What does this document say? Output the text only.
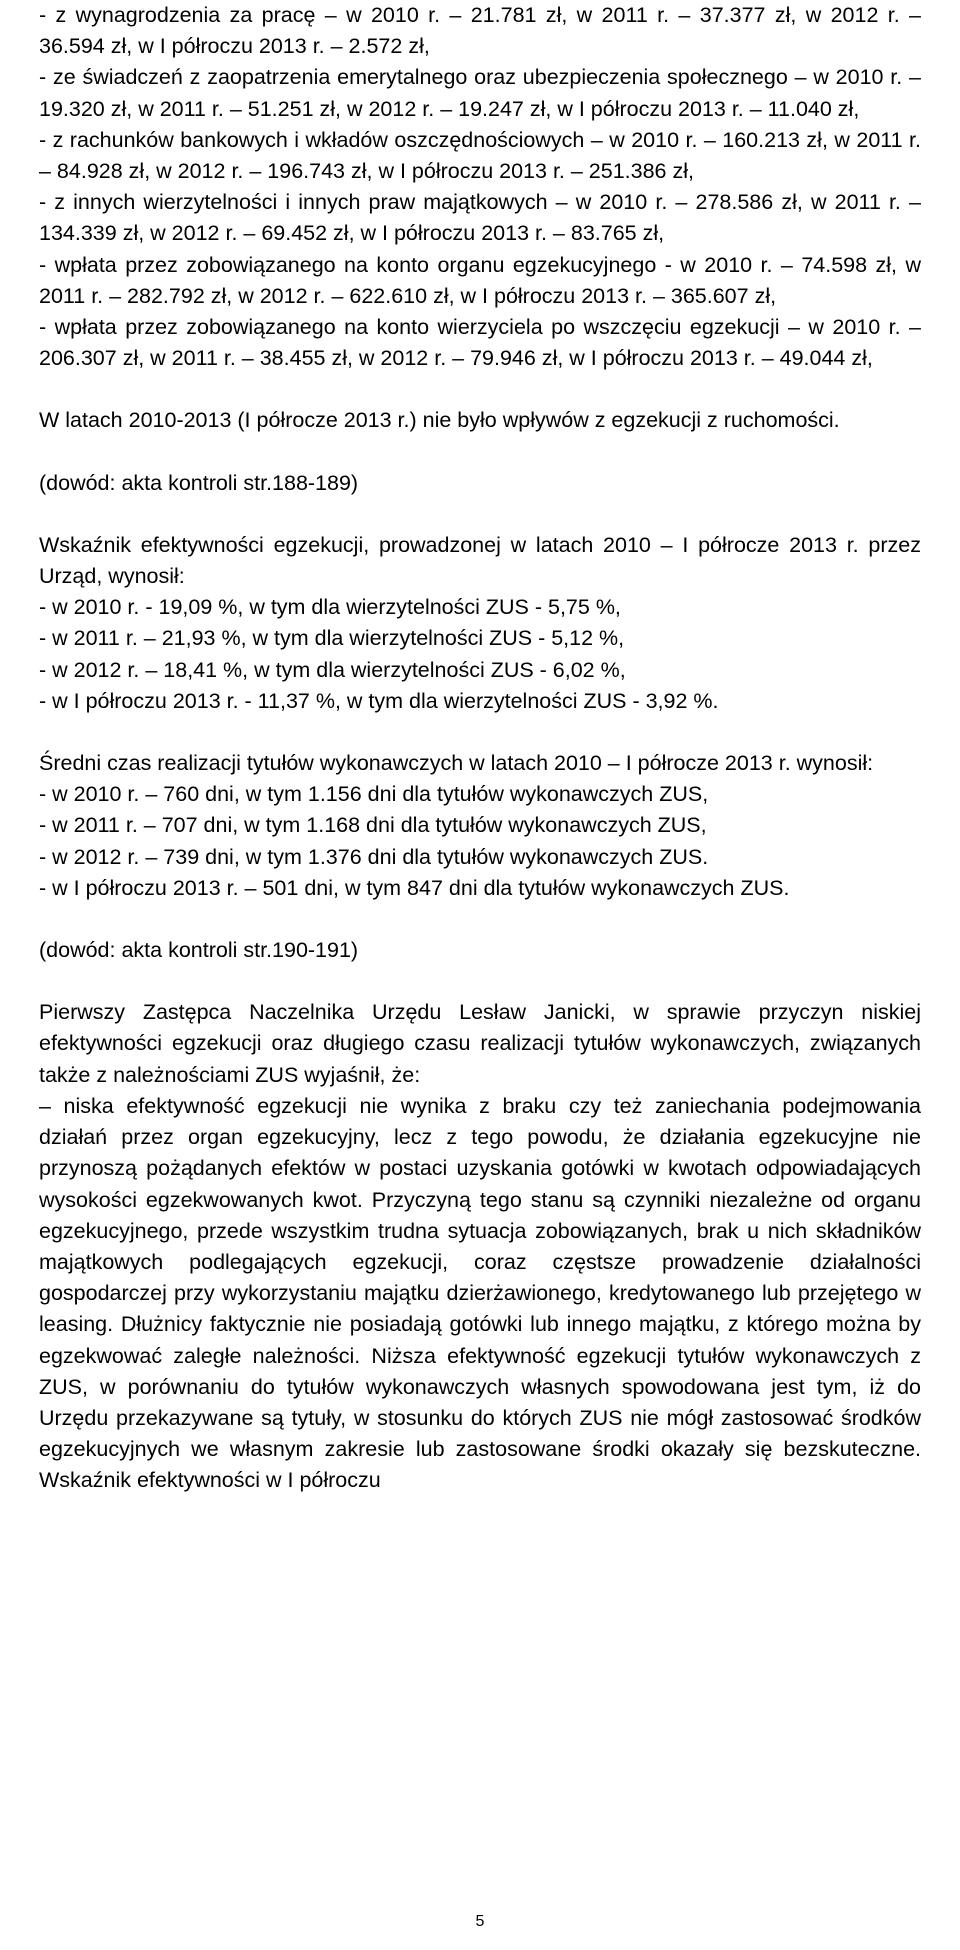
- z wynagrodzenia za pracę – w 2010 r. – 21.781 zł, w 2011 r. – 37.377 zł, w 2012 r. – 36.594 zł, w I półroczu 2013 r. – 2.572 zł,

- ze świadczeń z zaopatrzenia emerytalnego oraz ubezpieczenia społecznego – w 2010 r. – 19.320 zł, w 2011 r. – 51.251 zł, w 2012 r. – 19.247 zł, w I półroczu 2013 r. – 11.040 zł,

- z rachunków bankowych i wkładów oszczędnościowych – w 2010 r. – 160.213 zł, w 2011 r. – 84.928 zł, w 2012 r. – 196.743 zł, w I półroczu 2013 r. – 251.386 zł,

- z innych wierzytelności i innych praw majątkowych – w 2010 r. – 278.586 zł, w 2011 r. – 134.339 zł, w 2012 r. – 69.452 zł, w I półroczu 2013 r. – 83.765 zł,

- wpłata przez zobowiązanego na konto organu egzekucyjnego - w 2010 r. – 74.598 zł, w 2011 r. – 282.792 zł, w 2012 r. – 622.610 zł, w I półroczu 2013 r. – 365.607 zł,

- wpłata przez zobowiązanego na konto wierzyciela po wszczęciu egzekucji – w 2010 r. – 206.307 zł, w 2011 r. – 38.455 zł, w 2012 r. – 79.946 zł, w I półroczu 2013 r. – 49.044 zł,

W latach 2010-2013 (I półrocze 2013 r.) nie było wpływów z egzekucji z ruchomości.

(dowód: akta kontroli str.188-189)

Wskaźnik efektywności egzekucji, prowadzonej w latach 2010 – I półrocze 2013 r. przez Urząd, wynosił:

- w 2010 r. - 19,09 %, w tym dla wierzytelności ZUS - 5,75 %,

- w 2011 r. – 21,93 %, w tym dla wierzytelności ZUS - 5,12 %,

- w 2012 r. – 18,41 %, w tym dla wierzytelności ZUS - 6,02 %,

- w I półroczu 2013 r. - 11,37 %, w tym dla wierzytelności ZUS - 3,92 %.

Średni czas realizacji tytułów wykonawczych w latach 2010 – I półrocze 2013 r. wynosił:

- w 2010 r. – 760 dni, w tym 1.156 dni dla tytułów wykonawczych ZUS,

- w 2011 r. – 707 dni, w tym 1.168 dni dla tytułów wykonawczych ZUS,

- w 2012 r. – 739 dni, w tym 1.376 dni dla tytułów wykonawczych ZUS.

- w I półroczu 2013 r. – 501 dni, w tym 847 dni dla tytułów wykonawczych ZUS.

(dowód: akta kontroli str.190-191)

Pierwszy Zastępca Naczelnika Urzędu Lesław Janicki, w sprawie przyczyn niskiej efektywności egzekucji oraz długiego czasu realizacji tytułów wykonawczych, związanych także z należnościami ZUS wyjaśnił, że:

– niska efektywność egzekucji nie wynika z braku czy też zaniechania podejmowania działań przez organ egzekucyjny, lecz z tego powodu, że działania egzekucyjne nie przynoszą pożądanych efektów w postaci uzyskania gotówki w kwotach odpowiadających wysokości egzekwowanych kwot. Przyczyną tego stanu są czynniki niezależne od organu egzekucyjnego, przede wszystkim trudna sytuacja zobowiązanych, brak u nich składników majątkowych podlegających egzekucji, coraz częstsze prowadzenie działalności gospodarczej przy wykorzystaniu majątku dzierżawionego, kredytowanego lub przejętego w leasing. Dłużnicy faktycznie nie posiadają gotówki lub innego majątku, z którego można by egzekwować zaległe należności. Niższa efektywność egzekucji tytułów wykonawczych z ZUS, w porównaniu do tytułów wykonawczych własnych spowodowana jest tym, iż do Urzędu przekazywane są tytuły, w stosunku do których ZUS nie mógł zastosować środków egzekucyjnych we własnym zakresie lub zastosowane środki okazały się bezskuteczne. Wskaźnik efektywności w I półroczu

5
